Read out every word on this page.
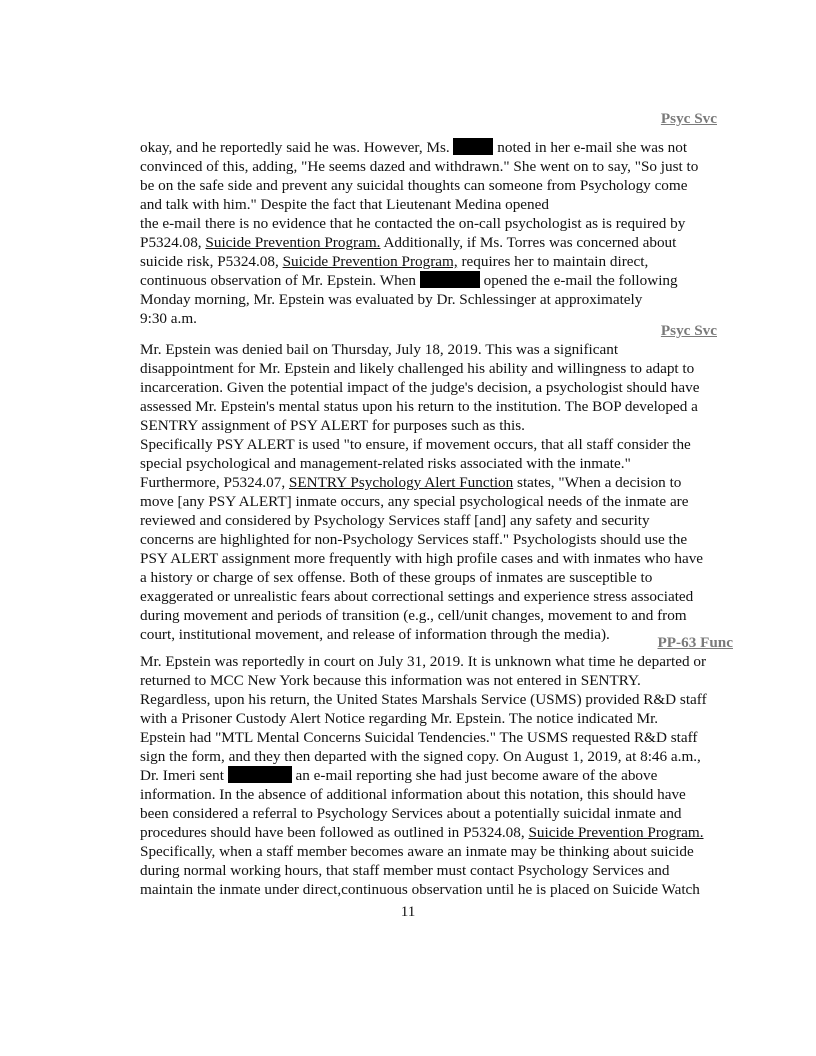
Psyc Svc
okay, and he reportedly said he was. However, Ms.	noted in her e-mail she was not
convinced of this, adding, "He seems dazed and withdrawn." She went on to say, "So just to
be on the safe side and prevent any suicidal thoughts can someone from Psychology come
and talk with him." Despite the fact that Lieutenant Medina opened
the e-mail there is no evidence that he contacted the on-call psychologist as is required by
P5324.08, Suicide Prevention Program. Additionally, if Ms. Torres was concerned about
suicide risk, P5324.08, Suicide Prevention Program, requires her to maintain direct,
continuous observation of Mr. Epstein. When	opened the e-mail the following
Monday morning, Mr. Epstein was evaluated by Dr. Schlessinger at approximately
9:30 a.m.
Psyc Svc
Mr. Epstein was denied bail on Thursday, July 18, 2019. This was a significant
disappointment for Mr. Epstein and likely challenged his ability and willingness to adapt to
incarceration. Given the potential impact of the judge's decision, a psychologist should have
assessed Mr. Epstein's mental status upon his return to the institution. The BOP developed a
SENTRY assignment of PSY ALERT for purposes such as this.
Specifically PSY ALERT is used "to ensure, if movement occurs, that all staff consider the
special psychological and management-related risks associated with the inmate."
Furthermore, P5324.07, SENTRY Psychology Alert Function states, "When a decision to
move [any PSY ALERT] inmate occurs, any special psychological needs of the inmate are
reviewed and considered by Psychology Services staff [and] any safety and security
concerns are highlighted for non-Psychology Services staff." Psychologists should use the
PSY ALERT assignment more frequently with high profile cases and with inmates who have
a history or charge of sex offense. Both of these groups of inmates are susceptible to
exaggerated or unrealistic fears about correctional settings and experience stress associated
during movement and periods of transition (e.g., cell/unit changes, movement to and from
court, institutional movement, and release of information through the media).	PP-63 Func
Mr. Epstein was reportedly in court on July 31, 2019. It is unknown what time he departed or
returned to MCC New York because this information was not entered in SENTRY.
Regardless, upon his return, the United States Marshals Service (USMS) provided R&D staff
with a Prisoner Custody Alert Notice regarding Mr. Epstein. The notice indicated Mr.
Epstein had "MTL Mental Concerns Suicidal Tendencies." The USMS requested R&D staff
sign the form, and they then departed with the signed copy. On August 1, 2019, at 8:46 a.m.,
Dr. Imeri sent	an e-mail reporting she had just become aware of the above
information. In the absence of additional information about this notation, this should have
been considered a referral to Psychology Services about a potentially suicidal inmate and
procedures should have been followed as outlined in P5324.08, Suicide Prevention Program.
Specifically, when a staff member becomes aware an inmate may be thinking about suicide
during normal working hours, that staff member must contact Psychology Services and
maintain the inmate under direct,continuous observation until he is placed on Suicide Watch
11
